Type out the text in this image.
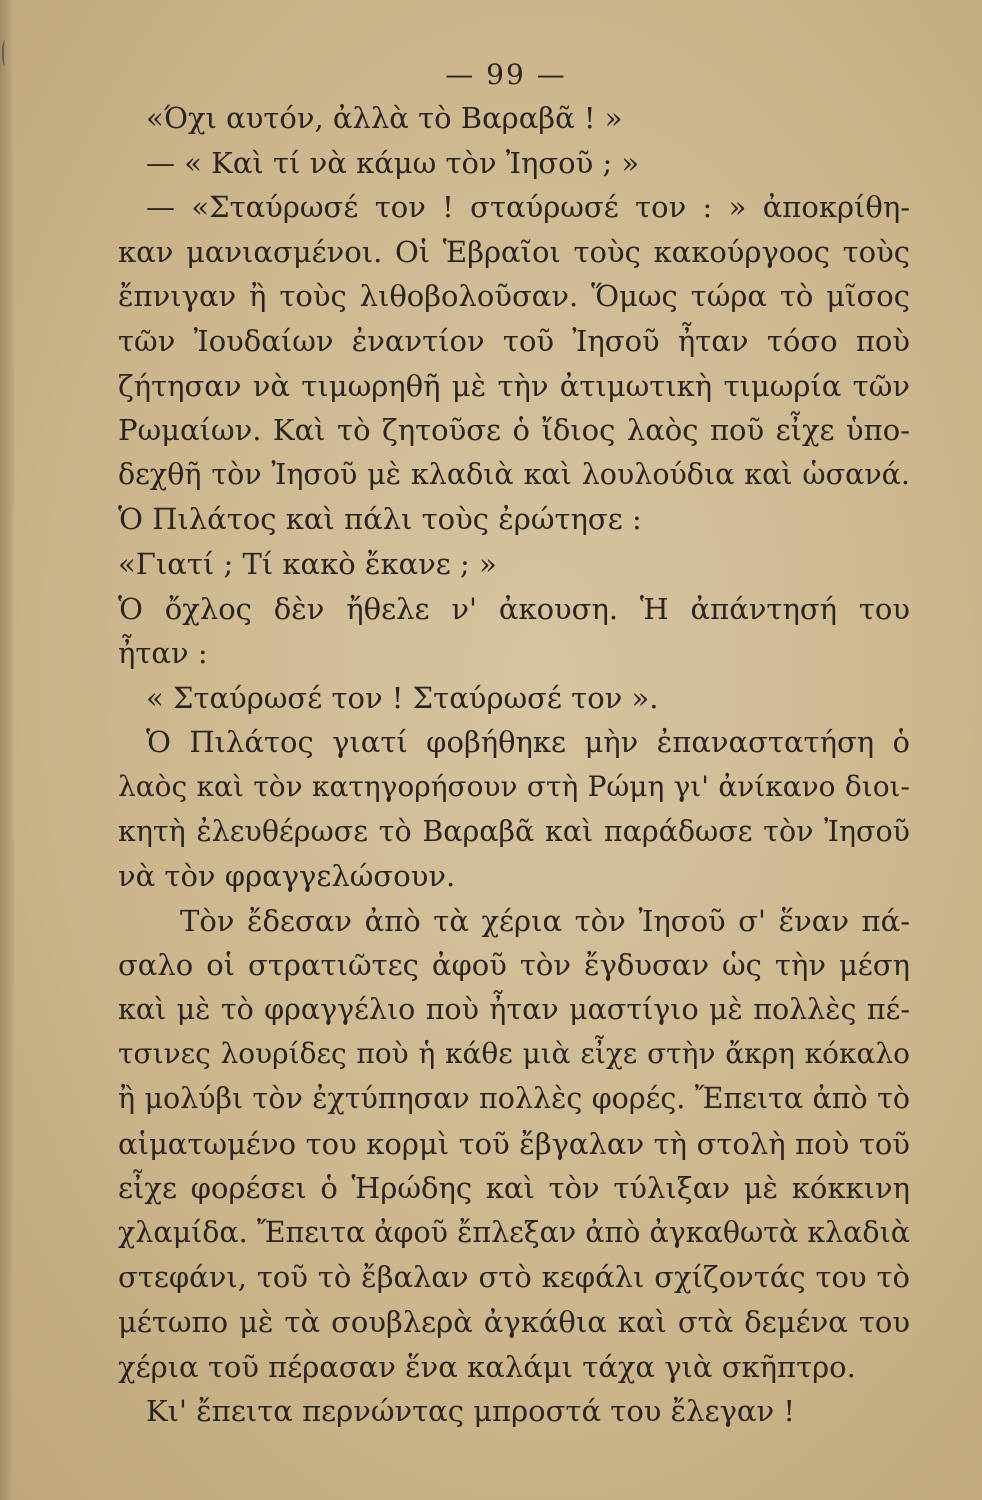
— 99 —
«Όχι αυτόν, ἀλλὰ τὸ Βαραβᾶ ! »
— « Καὶ τί νὰ κάμω τὸν Ἰησοῦ ; »
— «Σταύρωσέ τον ! σταύρωσέ τον : » ἀποκρίθη-
καν μανιασμένοι. Οἱ Ἑβραῖοι τοὺς κακούργοος τοὺς
ἔπνιγαν ἢ τοὺς λιθοβολοῦσαν. Ὅμως τώρα τὸ μῖσος
τῶν Ἰουδαίων ἐναντίον τοῦ Ἰησοῦ ἦταν τόσο ποὺ
ζήτησαν νὰ τιμωρηθῆ μὲ τὴν ἀτιμωτικὴ τιμωρία τῶν
Ρωμαίων. Καὶ τὸ ζητοῦσε ὁ ἴδιος λαὸς ποῦ εἶχε ὑπο-
δεχθῆ τὸν Ἰησοῦ μὲ κλαδιὰ καὶ λουλούδια καὶ ὡσανά.
Ὁ Πιλάτος καὶ πάλι τοὺς ἐρώτησε :
«Γιατί ; Τί κακὸ ἔκανε ; »
Ὁ ὄχλος δὲν ἤθελε ν' ἀκουση. Ἡ ἀπάντησή του
ἦταν :
« Σταύρωσέ τον ! Σταύρωσέ τον ».
Ὁ Πιλάτος γιατί φοβήθηκε μὴν ἐπαναστατήση ὁ
λαὸς καὶ τὸν κατηγορήσουν στὴ Ρώμη γι' ἀνίκανο διοι-
κητὴ ἐλευθέρωσε τὸ Βαραβᾶ καὶ παράδωσε τὸν Ἰησοῦ
νὰ τὸν φραγγελώσουν.
Τὸν ἔδεσαν ἀπὸ τὰ χέρια τὸν Ἰησοῦ σ' ἕναν πά-
σαλο οἱ στρατιῶτες ἀφοῦ τὸν ἔγδυσαν ὡς τὴν μέση
καὶ μὲ τὸ φραγγέλιο ποὺ ἦταν μαστίγιο μὲ πολλὲς πέ-
τσινες λουρίδες ποὺ ἡ κάθε μιὰ εἶχε στὴν ἄκρη κόκαλο
ἢ μολύβι τὸν ἐχτύπησαν πολλὲς φορές. Ἔπειτα ἀπὸ τὸ
αἱματωμένο του κορμὶ τοῦ ἔβγαλαν τὴ στολὴ ποὺ τοῦ
εἶχε φορέσει ὁ Ἡρώδης καὶ τὸν τύλιξαν μὲ κόκκινη
χλαμίδα. Ἔπειτα ἀφοῦ ἔπλεξαν ἀπὸ ἀγκαθωτὰ κλαδιὰ
στεφάνι, τοῦ τὸ ἔβαλαν στὸ κεφάλι σχίζοντάς του τὸ
μέτωπο μὲ τὰ σουβλερὰ ἀγκάθια καὶ στὰ δεμένα του
χέρια τοῦ πέρασαν ἕνα καλάμι τάχα γιὰ σκῆπτρο.
Κι' ἔπειτα περνώντας μπροστά του ἔλεγαν !
